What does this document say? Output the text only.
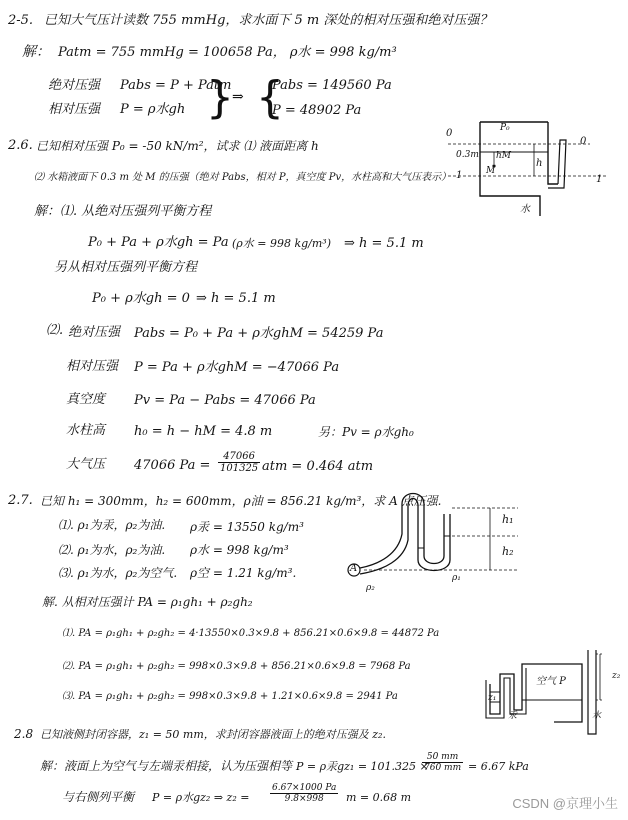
2-5. 已知大气压计读数 755 mmHg，求水面下 5 m 深处的相对压强和绝对压强？
解： Patm = 755 mmHg = 100658 Pa， ρ水 = 998 kg/m³
绝对压强 Pabs = P + Patm
相对压强 P = ρ水gh }
⇒ {
Pabs = 149560 Pa
P = 48902 Pa
2.6. 已知相对压强 P₀ = -50 kN/m²，试求 ⑴ 液面距离 h
⑵ 水箱液面下 0.3 m 处 M 的压强（绝对 Pabs，相对 P，真空度 Pv，水柱高和大气压表示）
0
0
P₀
0.3m hM
M
h
1	1
水
解：⑴. 从绝对压强列平衡方程
P₀ + Pa + ρ水gh = Pa (ρ水 = 998 kg/m³) ⇒ h = 5.1 m
另从相对压强列平衡方程
P₀ + ρ水gh = 0 ⇒ h = 5.1 m
⑵. 绝对压强 Pabs = P₀ + Pa + ρ水ghM = 54259 Pa
相对压强 P = Pa + ρ水ghM = −47066 Pa
真空度 Pv = Pa − Pabs = 47066 Pa
水柱高 h₀ = h − hM = 4.8 m	另：Pv = ρ水gh₀
大气压 47066 $Pa = \frac{47066}{101325}$ atm = 0.464 atm
2.7. 已知 h₁ = 300mm，h₂ = 600mm，ρ油 = 856.21 kg/m³，求 A 点压强.
⑴. ρ₁为汞，ρ₂为油. ρ汞 = 13550 kg/m³
⑵. ρ₁为水，ρ₂为油. ρ水 = 998 kg/m³
⑶. ρ₁为水，ρ₂为空气. ρ空 = 1.21 kg/m³.
h₁
h₂
A
ρ₁
ρ₂
解. 从相对压强计 PA = ρ₁gh₁ + ρ₂gh₂
⑴. PA = ρ₁gh₁ + ρ₂gh₂ = 4·13550×0.3×9.8 + 856.21×0.6×9.8 = 44872 Pa
⑵. PA = ρ₁gh₁ + ρ₂gh₂ = 998×0.3×9.8 + 856.21×0.6×9.8 = 7968 Pa
⑶. PA = ρ₁gh₁ + ρ₂gh₂ = 998×0.3×9.8 + 1.21×0.6×9.8 = 2941 Pa
2.8 已知液侧封闭容器，z₁ = 50 mm，求封闭容器液面上的绝对压强及 z₂.
z₁
z₂
空气 P
汞	水
解：液面上为空气与左端汞相接，认为压强相等 P = ρ汞gz₁ = 101.325 ×
$\frac{50 mm}{760 mm} = 6.67$ kPa
与右侧列平衡 P = ρ水gz₂ ⇒ $z_2 = \frac{6.67\times 1000 Pa}{9.8\times 998}$ m = 0.68 m	CSDN @京理小生
